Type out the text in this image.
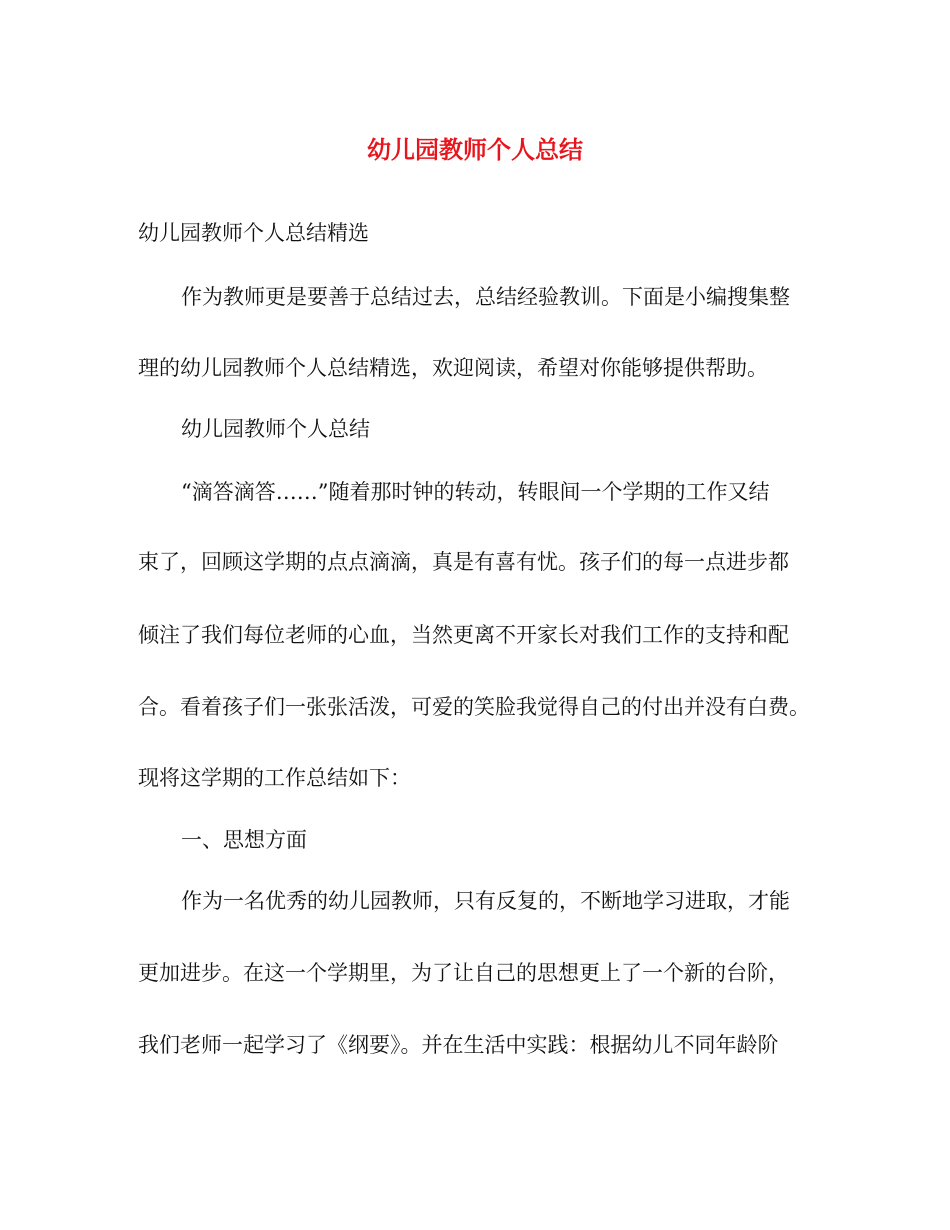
幼儿园教师个人总结

幼儿园教师个人总结精选

作为教师更是要善于总结过去，总结经验教训。下面是小编搜集整

理的幼儿园教师个人总结精选，欢迎阅读，希望对你能够提供帮助。

幼儿园教师个人总结

“滴答滴答……”随着那时钟的转动，转眼间一个学期的工作又结

束了，回顾这学期的点点滴滴，真是有喜有忧。孩子们的每一点进步都

倾注了我们每位老师的心血，当然更离不开家长对我们工作的支持和配

合。看着孩子们一张张活泼，可爱的笑脸我觉得自己的付出并没有白费。

现将这学期的工作总结如下：

一、思想方面

作为一名优秀的幼儿园教师，只有反复的，不断地学习进取，才能

更加进步。在这一个学期里，为了让自己的思想更上了一个新的台阶，

我们老师一起学习了《纲要》。并在生活中实践：根据幼儿不同年龄阶
